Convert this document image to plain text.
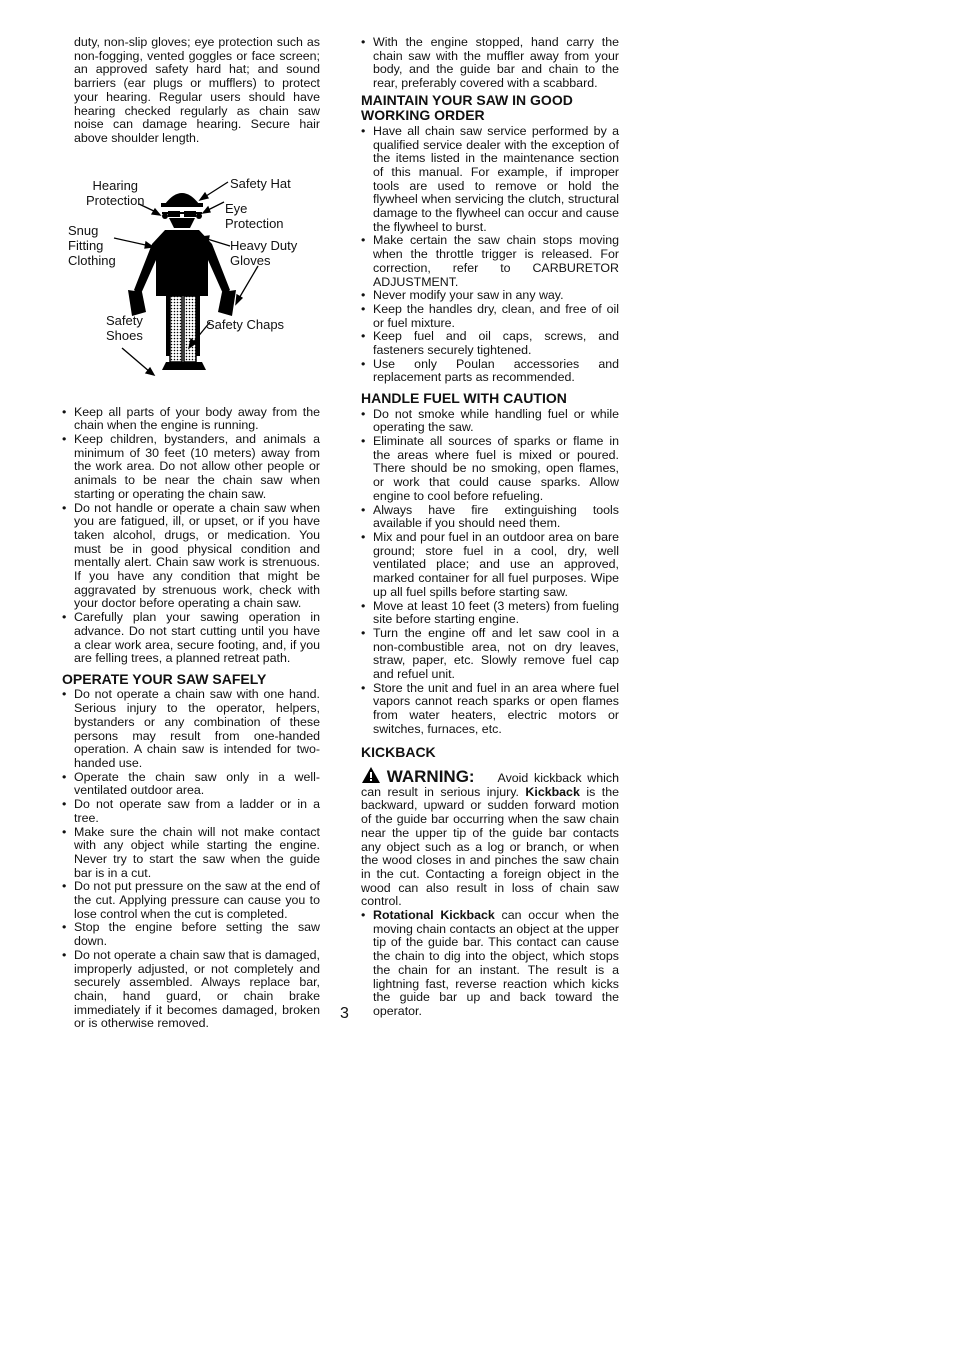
duty, non-slip gloves; eye protection such as non-fogging, vented goggles or face screen; an approved safety hard hat; and sound barriers (ear plugs or mufflers) to protect your hearing. Regular users should have hearing checked regularly as chain saw noise can damage hearing. Secure hair above shoulder length.

Hearing
Protection
Safety Hat
Eye
Protection
Snug
Fitting
Clothing
Heavy Duty
Gloves
Safety
Shoes
Safety Chaps
• Keep all parts of your body away from the chain when the engine is running.
• Keep children, bystanders, and animals a minimum of 30 feet (10 meters) away from the work area. Do not allow other people or animals to be near the chain saw when starting or operating the chain saw.
• Do not handle or operate a chain saw when you are fatigued, ill, or upset, or if you have taken alcohol, drugs, or medication. You must be in good physical condition and mentally alert. Chain saw work is strenuous. If you have any condition that might be aggravated by strenuous work, check with your doctor before operating a chain saw.
• Carefully plan your sawing operation in advance. Do not start cutting until you have a clear work area, secure footing, and, if you are felling trees, a planned retreat path.
OPERATE YOUR SAW SAFELY
• Do not operate a chain saw with one hand. Serious injury to the operator, helpers, bystanders or any combination of these persons may result from one-handed operation. A chain saw is intended for two-handed use.
• Operate the chain saw only in a well-ventilated outdoor area.
• Do not operate saw from a ladder or in a tree.
• Make sure the chain will not make contact with any object while starting the engine. Never try to start the saw when the guide bar is in a cut.
• Do not put pressure on the saw at the end of the cut. Applying pressure can cause you to lose control when the cut is completed.
• Stop the engine before setting the saw down.
• Do not operate a chain saw that is damaged, improperly adjusted, or not completely and securely assembled. Always replace bar, chain, hand guard, or chain brake immediately if it becomes damaged, broken or is otherwise removed.
• With the engine stopped, hand carry the chain saw with the muffler away from your body, and the guide bar and chain to the rear, preferably covered with a scabbard.
MAINTAIN YOUR SAW IN GOOD WORKING ORDER
• Have all chain saw service performed by a qualified service dealer with the exception of the items listed in the maintenance section of this manual. For example, if improper tools are used to remove or hold the flywheel when servicing the clutch, structural damage to the flywheel can occur and cause the flywheel to burst.
• Make certain the saw chain stops moving when the throttle trigger is released. For correction, refer to CARBURETOR ADJUSTMENT.
• Never modify your saw in any way.
• Keep the handles dry, clean, and free of oil or fuel mixture.
• Keep fuel and oil caps, screws, and fasteners securely tightened.
• Use only Poulan accessories and replacement parts as recommended.
HANDLE FUEL WITH CAUTION
• Do not smoke while handling fuel or while operating the saw.
• Eliminate all sources of sparks or flame in the areas where fuel is mixed or poured. There should be no smoking, open flames, or work that could cause sparks. Allow engine to cool before refueling.
• Always have fire extinguishing tools available if you should need them.
• Mix and pour fuel in an outdoor area on bare ground; store fuel in a cool, dry, well ventilated place; and use an approved, marked container for all fuel purposes. Wipe up all fuel spills before starting saw.
• Move at least 10 feet (3 meters) from fueling site before starting engine.
• Turn the engine off and let saw cool in a non-combustible area, not on dry leaves, straw, paper, etc. Slowly remove fuel cap and refuel unit.
• Store the unit and fuel in an area where fuel vapors cannot reach sparks or open flames from water heaters, electric motors or switches, furnaces, etc.
KICKBACK

WARNING: Avoid kickback which can result in serious injury. Kickback is the backward, upward or sudden forward motion of the guide bar occurring when the saw chain near the upper tip of the guide bar contacts any object such as a log or branch, or when the wood closes in and pinches the saw chain in the cut. Contacting a foreign object in the wood can also result in loss of chain saw control.

• Rotational Kickback can occur when the moving chain contacts an object at the upper tip of the guide bar. This contact can cause the chain to dig into the object, which stops the chain for an instant. The result is a lightning fast, reverse reaction which kicks the guide bar up and back toward the operator.
3
